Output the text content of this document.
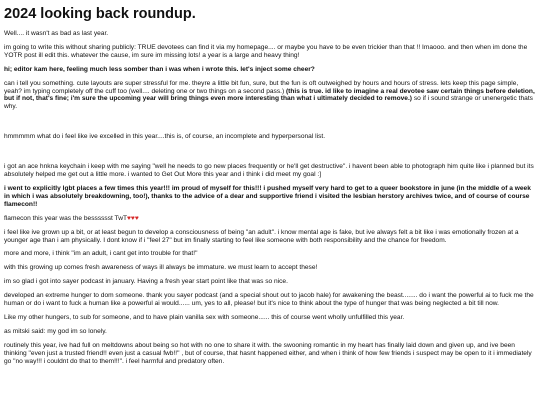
2024 looking back roundup.

Well.... it wasn't as bad as last year.

im going to write this without sharing publicly: TRUE devotees can find it via my homepage.... or maybe you have to be even trickier than that !! Imaooo. and then when im done the YOTR post ill edit this. whatever the cause, im sure im missing lots! a year is a large and heavy thing!

hi; editor kam here, feeling much less somber than i was when i wrote this. let's inject some cheer?

can i tell you something. cute layouts are super stressful for me. theyre a little bit fun, sure, but the fun is oft outweighed by hours and hours of stress. lets keep this page simple, yeah? im typing completely off the cuff too (well.... deleting one or two things on a second pass.) (this is true. id like to imagine a real devotee saw certain things before deletion, but if not, that's fine; i'm sure the upcoming year will bring things even more interesting than what i ultimately decided to remove.) so if i sound strange or unenergetic thats why.

hmmmmm what do i feel like ive excelled in this year....this is, of course, an incomplete and hyperpersonal list.

i got an ace hnkna keychain i keep with me saying "well he needs to go new places frequently or he'll get destructive". i havent been able to photograph him quite like i planned but its absolutely helped me get out a little more. i wanted to Get Out More this year and i think i did meet my goal :]

i went to explicitly lgbt places a few times this year!!! im proud of myself for this!!! i pushed myself very hard to get to a queer bookstore in june (in the middle of a week in which i was absolutely breakdowning, too!), thanks to the advice of a dear and supportive friend i visited the lesbian herstory archives twice, and of course of course flamecon!!

flamecon this year was the besssssst TwT♥♥♥

i feel like ive grown up a bit, or at least begun to develop a consciousness of being "an adult". i know mental age is fake, but ive always felt a bit like i was emotionally frozen at a younger age than i am physically. I dont know if i "feel 27" but im finally starting to feel like someone with both responsibility and the chance for freedom.

more and more, i think "im an adult, i cant get into trouble for that!"

with this growing up comes fresh awareness of ways ill always be immature. we must learn to accept these!

im so glad i got into sayer podcast in january. Having a fresh year start point like that was so nice.

developed an extreme hunger to dom someone. thank you sayer podcast (and a special shout out to jacob hale) for awakening the beast........ do i want the powerful ai to fuck me the human or do i want to fuck a human like a powerful ai would...... um, yes to all, please! but it's nice to think about the type of hunger that was being neglected a bit till now.

Like my other hungers, to sub for someone, and to have plain vanilla sex with someone...... this of course went wholly unfulfilled this year.

as mitski said: my god im so lonely.

routinely this year, ive had full on meltdowns about being so hot with no one to share it with. the swooning romantic in my heart has finally laid down and given up, and ive been thinking "even just a trusted friend!! even just a casual fwb!!" , but of course, that hasnt happened either, and when i think of how few friends i suspect may be open to it i immediately go "no way!!! i couldnt do that to them!!!". i feel harmful and predatory often.
